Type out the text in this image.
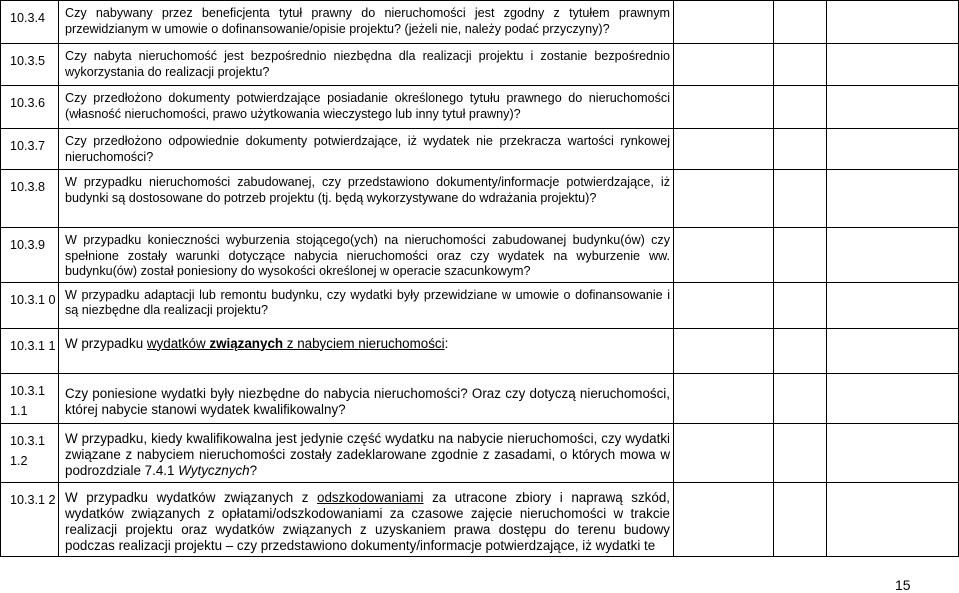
10.3.4	Czy nabywany przez beneficjenta tytuł prawny do nieruchomości jest zgodny z tytułem prawnym przewidzianym w umowie o dofinansowanie/opisie projektu? (jeżeli nie, należy podać przyczyny)?			
10.3.5	Czy nabyta nieruchomość jest bezpośrednio niezbędna dla realizacji projektu i zostanie bezpośrednio wykorzystania do realizacji projektu?			
10.3.6	Czy przedłożono dokumenty potwierdzające posiadanie określonego tytułu prawnego do nieruchomości (własność nieruchomości, prawo użytkowania wieczystego lub inny tytuł prawny)?			
10.3.7	Czy przedłożono odpowiednie dokumenty potwierdzające, iż wydatek nie przekracza wartości rynkowej nieruchomości?			
10.3.8	W przypadku nieruchomości zabudowanej, czy przedstawiono dokumenty/informacje potwierdzające, iż budynki są dostosowane do potrzeb projektu (tj. będą wykorzystywane do wdrażania projektu)?			
10.3.9	W przypadku konieczności wyburzenia stojącego(ych) na nieruchomości zabudowanej budynku(ów) czy spełnione zostały warunki dotyczące nabycia nieruchomości oraz czy wydatek na wyburzenie ww. budynku(ów) został poniesiony do wysokości określonej w operacie szacunkowym?			
10.3.1 0	W przypadku adaptacji lub remontu budynku, czy wydatki były przewidziane w umowie o dofinansowanie i są niezbędne dla realizacji projektu?			
10.3.1 1	W przypadku wydatków związanych z nabyciem nieruchomości:			
10.3.1 1.1	Czy poniesione wydatki były niezbędne do nabycia nieruchomości? Oraz czy dotyczą nieruchomości, której nabycie stanowi wydatek kwalifikowalny?			
10.3.1 1.2	W przypadku, kiedy kwalifikowalna jest jedynie część wydatku na nabycie nieruchomości, czy wydatki związane z nabyciem nieruchomości zostały zadeklarowane zgodnie z zasadami, o których mowa w podrozdziale 7.4.1 Wytycznych?			
10.3.1 2	W przypadku wydatków związanych z odszkodowaniami za utracone zbiory i naprawą szkód, wydatków związanych z opłatami/odszkodowaniami za czasowe zajęcie nieruchomości w trakcie realizacji projektu oraz wydatków związanych z uzyskaniem prawa dostępu do terenu budowy podczas realizacji projektu – czy przedstawiono dokumenty/informacje potwierdzające, iż wydatki te			
15
